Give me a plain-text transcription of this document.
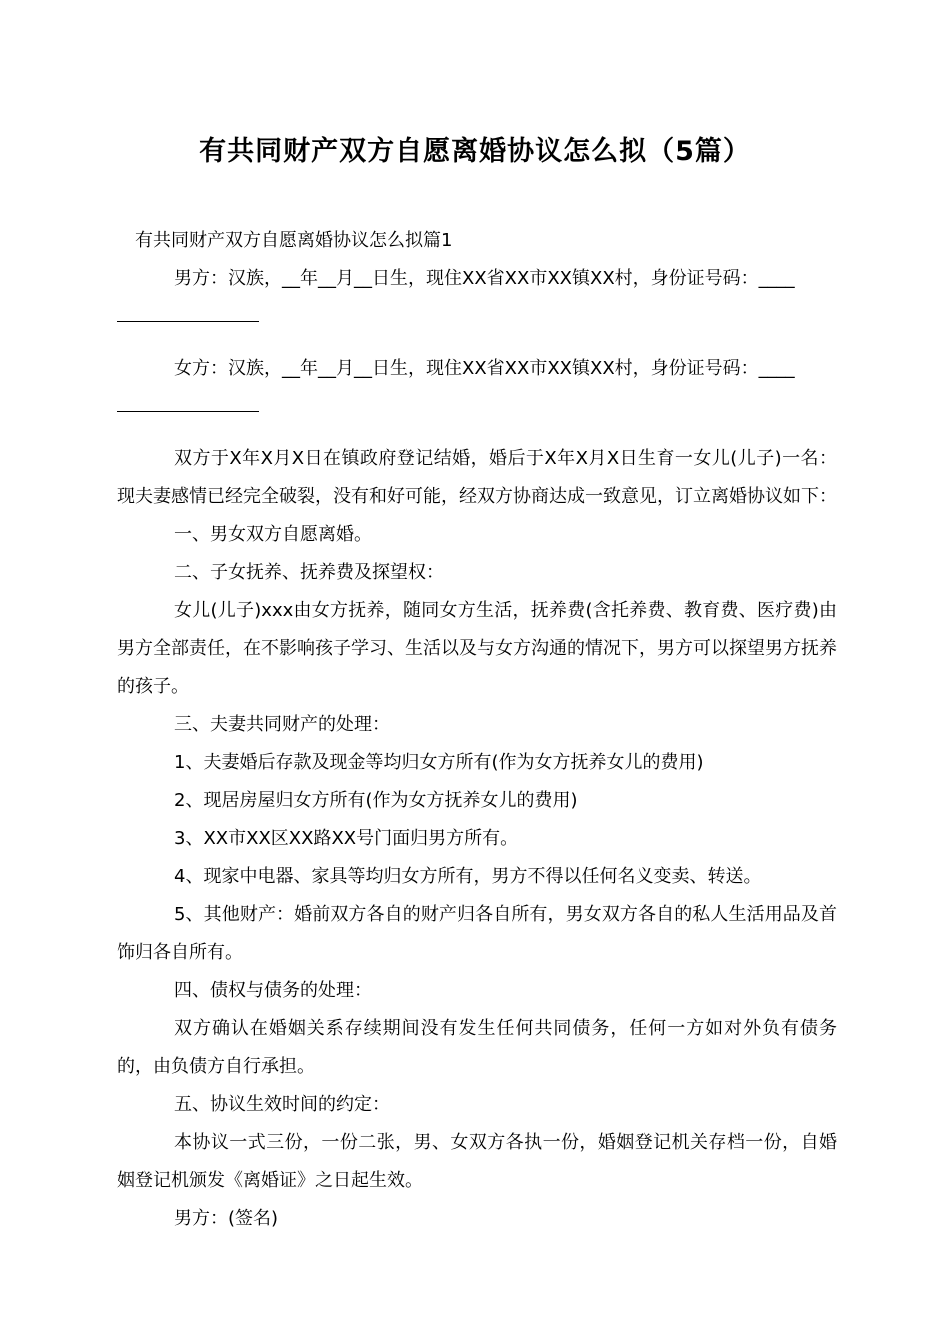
有共同财产双方自愿离婚协议怎么拟（5篇）

有共同财产双方自愿离婚协议怎么拟篇1

男方：汉族，__年__月__日生，现住XX省XX市XX镇XX村，身份证号码：____

女方：汉族，__年__月__日生，现住XX省XX市XX镇XX村，身份证号码：____

双方于X年X月X日在镇政府登记结婚，婚后于X年X月X日生育一女儿(儿子)一名：现夫妻感情已经完全破裂，没有和好可能，经双方协商达成一致意见，订立离婚协议如下：

一、男女双方自愿离婚。

二、子女抚养、抚养费及探望权：

女儿(儿子)xxx由女方抚养，随同女方生活，抚养费(含托养费、教育费、医疗费)由男方全部责任，在不影响孩子学习、生活以及与女方沟通的情况下，男方可以探望男方抚养的孩子。

三、夫妻共同财产的处理：

1、夫妻婚后存款及现金等均归女方所有(作为女方抚养女儿的费用)

2、现居房屋归女方所有(作为女方抚养女儿的费用)

3、XX市XX区XX路XX号门面归男方所有。

4、现家中电器、家具等均归女方所有，男方不得以任何名义变卖、转送。

5、其他财产：婚前双方各自的财产归各自所有，男女双方各自的私人生活用品及首饰归各自所有。

四、债权与债务的处理：

双方确认在婚姻关系存续期间没有发生任何共同债务，任何一方如对外负有债务的，由负债方自行承担。

五、协议生效时间的约定：

本协议一式三份，一份二张，男、女双方各执一份，婚姻登记机关存档一份，自婚姻登记机颁发《离婚证》之日起生效。

男方：(签名)
